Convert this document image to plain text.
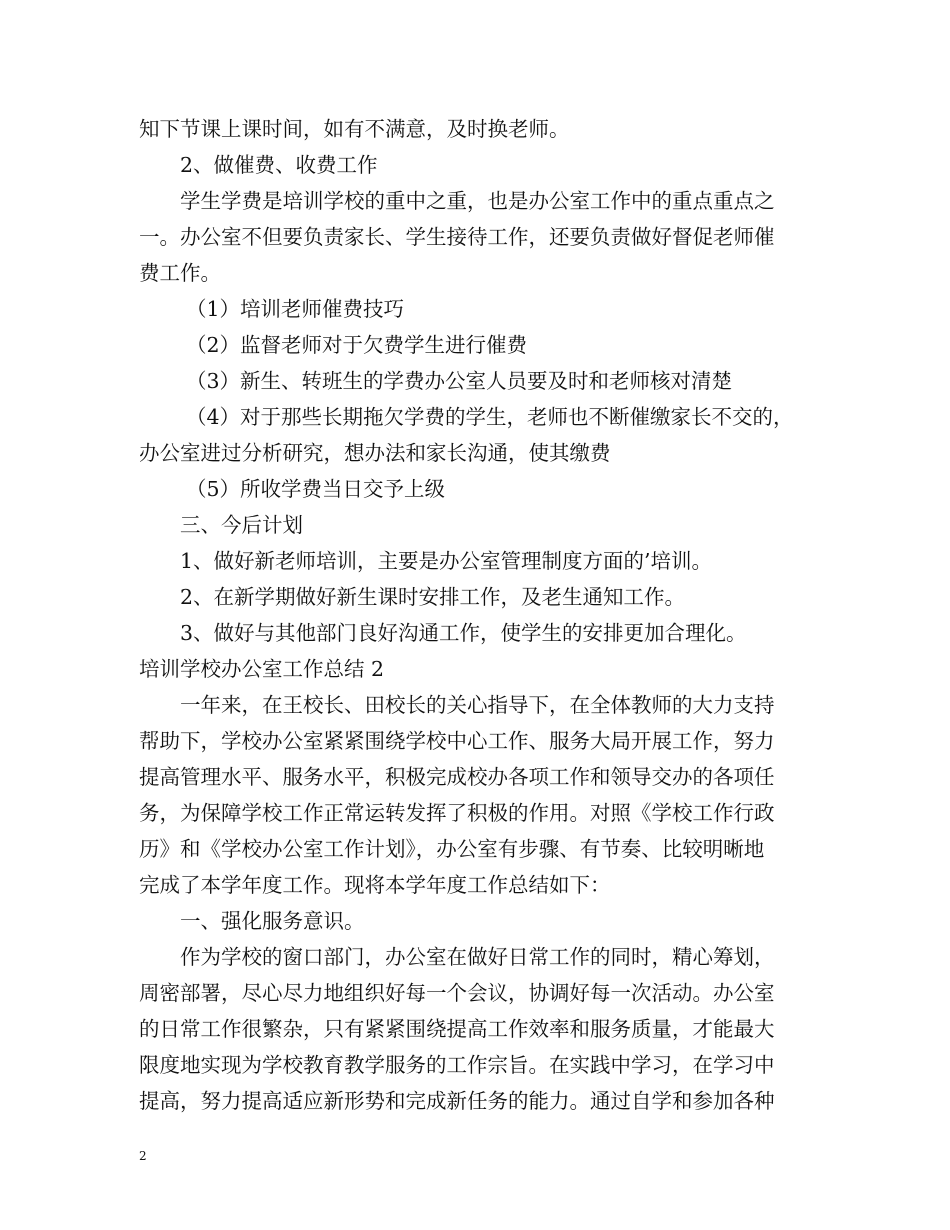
知下节课上课时间，如有不满意，及时换老师。
2、做催费、收费工作
学生学费是培训学校的重中之重，也是办公室工作中的重点重点之
一。办公室不但要负责家长、学生接待工作，还要负责做好督促老师催
费工作。
（1）培训老师催费技巧
（2）监督老师对于欠费学生进行催费
（3）新生、转班生的学费办公室人员要及时和老师核对清楚
（4）对于那些长期拖欠学费的学生，老师也不断催缴家长不交的，
办公室进过分析研究，想办法和家长沟通，使其缴费
（5）所收学费当日交予上级
三、今后计划
1、做好新老师培训，主要是办公室管理制度方面的’培训。
2、在新学期做好新生课时安排工作，及老生通知工作。
3、做好与其他部门良好沟通工作，使学生的安排更加合理化。
培训学校办公室工作总结 2
一年来，在王校长、田校长的关心指导下，在全体教师的大力支持
帮助下，学校办公室紧紧围绕学校中心工作、服务大局开展工作，努力
提高管理水平、服务水平，积极完成校办各项工作和领导交办的各项任
务，为保障学校工作正常运转发挥了积极的作用。对照《学校工作行政
历》和《学校办公室工作计划》，办公室有步骤、有节奏、比较明晰地
完成了本学年度工作。现将本学年度工作总结如下：
一、强化服务意识。
作为学校的窗口部门，办公室在做好日常工作的同时，精心筹划，
周密部署，尽心尽力地组织好每一个会议，协调好每一次活动。办公室
的日常工作很繁杂，只有紧紧围绕提高工作效率和服务质量，才能最大
限度地实现为学校教育教学服务的工作宗旨。在实践中学习，在学习中
提高，努力提高适应新形势和完成新任务的能力。通过自学和参加各种
2
